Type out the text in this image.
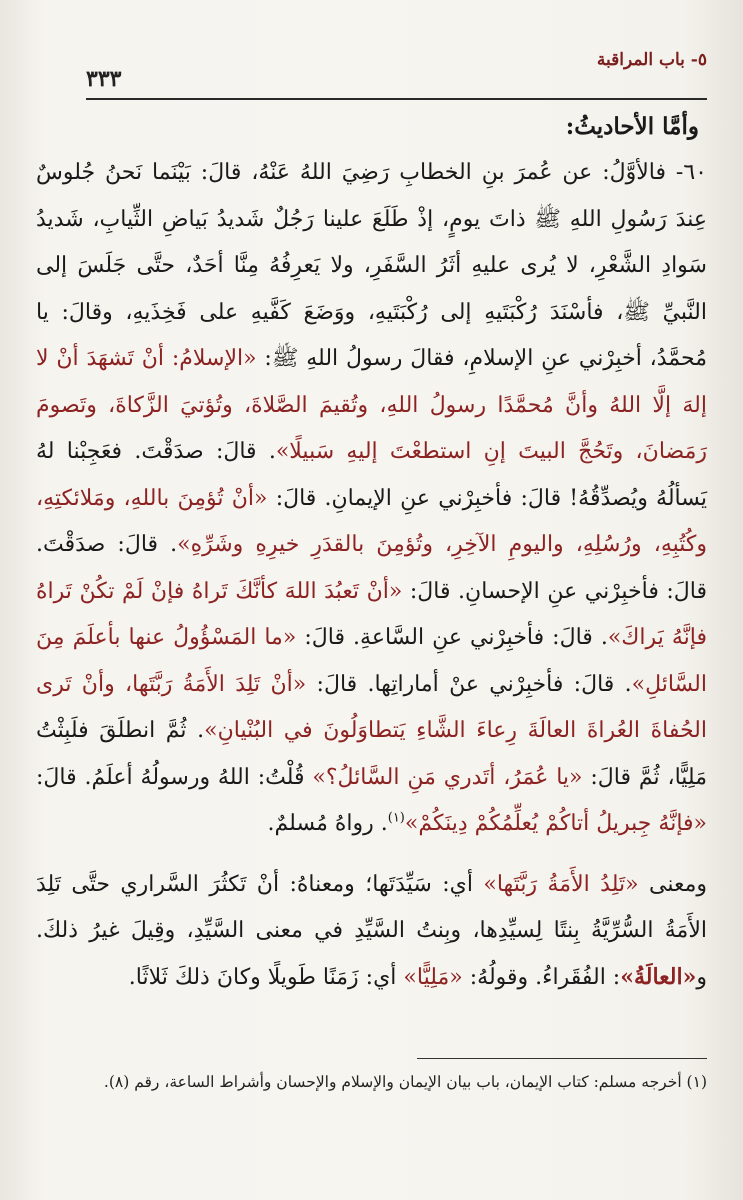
٥- باب المراقبة
٣٣٣
وأمَّا الأحاديثُ:

٦٠- فالأوَّلُ: عن عُمرَ بنِ الخطابِ رَضِيَ اللهُ عَنْهُ، قالَ: بَيْنَما نَحنُ جُلوسٌ عِندَ رَسُولِ اللهِ ﷺ ذاتَ يومٍ، إذْ طَلَعَ علينا رَجُلٌ شَديدُ بَياضِ الثِّيابِ، شَديدُ سَوادِ الشَّعْرِ، لا يُرى عليهِ أثَرُ السَّفَرِ، ولا يَعرِفُهُ مِنَّا أحَدٌ، حتَّى جَلَسَ إلى النَّبيِّ ﷺ، فأسْنَدَ رُكْبَتَيهِ إلى رُكْبَتَيهِ، ووَضَعَ كَفَّيهِ على فَخِذَيهِ، وقالَ: يا مُحمَّدُ، أخبِرْني عنِ الإسلامِ، فقالَ رسولُ اللهِ ﷺ: «الإسلامُ: أنْ تَشهَدَ أنْ لا إلهَ إلَّا اللهُ وأنَّ مُحمَّدًا رسولُ اللهِ، وتُقيمَ الصَّلاةَ، وتُؤتيَ الزَّكاةَ، وتَصومَ رَمَضانَ، وتَحُجَّ البيتَ إنِ استطعْتَ إليهِ سَبيلًا». قالَ: صدَقْتَ. فعَجِبْنا لهُ يَسألُهُ ويُصدِّقُهُ! قالَ: فأخبِرْني عنِ الإيمانِ. قالَ: «أنْ تُؤمِنَ باللهِ، ومَلائكتِهِ، وكُتُبِهِ، ورُسُلِهِ، واليومِ الآخِرِ، وتُؤمِنَ بالقدَرِ خيرِهِ وشَرِّهِ». قالَ: صدَقْتَ. قالَ: فأخبِرْني عنِ الإحسانِ. قالَ: «أنْ تَعبُدَ اللهَ كأنَّكَ تَراهُ فإنْ لَمْ تكُنْ تَراهُ فإنَّهُ يَراكَ». قالَ: فأخبِرْني عنِ السَّاعةِ. قالَ: «ما المَسْؤُولُ عنها بأعلَمَ مِنَ السَّائلِ». قالَ: فأخبِرْني عنْ أماراتِها. قالَ: «أنْ تَلِدَ الأَمَةُ رَبَّتَها، وأنْ تَرى الحُفاةَ العُراةَ العالَةَ رِعاءَ الشَّاءِ يَتطاوَلُونَ في البُنْيانِ». ثُمَّ انطلَقَ فلَبِثْتُ مَلِيًّا، ثُمَّ قالَ: «يا عُمَرُ، أتَدري مَنِ السَّائلُ؟» قُلْتُ: اللهُ ورسولُهُ أعلَمُ. قالَ: «فإنَّهُ جِبريلُ أتاكُمْ يُعلِّمُكُمْ دِينَكُمْ»$^{(١)}$. رواهُ مُسلمٌ.

ومعنى «تَلِدُ الأَمَةُ رَبَّتَها» أي: سَيِّدَتَها؛ ومعناهُ: أنْ تَكثُرَ السَّراري حتَّى تَلِدَ الأَمَةُ السُّرِّيَّةُ بِنتًا لِسيِّدِها، وبِنتُ السَّيِّدِ في معنى السَّيِّدِ، وقِيلَ غيرُ ذلكَ. و«العالَةُ»: الفُقَراءُ. وقولُهُ: «مَلِيًّا» أي: زَمَنًا طَويلًا وكانَ ذلكَ ثَلاثًا.

(١) أخرجه مسلم: كتاب الإيمان، باب بيان الإيمان والإسلام والإحسان وأشراط الساعة، رقم (٨).
